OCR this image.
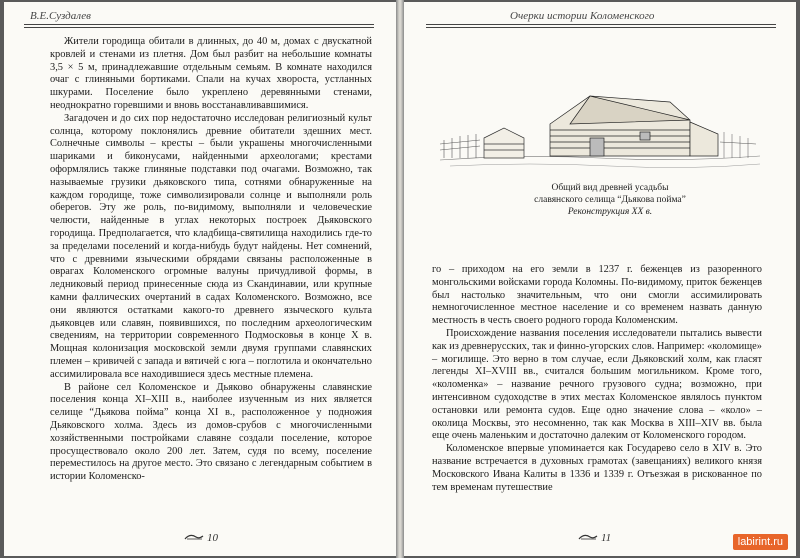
В.Е.Суздалев

Жители городища обитали в длинных, до 40 м, домах с двускатной кровлей и стенами из плетня. Дом был разбит на небольшие комнаты 3,5 × 5 м, принадлежавшие отдельным семьям. В комнате находился очаг с глиняными бортиками. Спали на кучах хвороста, устланных шкурами. Поселение было укреплено деревянными стенами, неоднократно горевшими и вновь восстанавливавшимися.

Загадочен и до сих пор недостаточно исследован религиозный культ солнца, которому поклонялись древние обитатели здешних мест. Солнечные символы – кресты – были украшены многочисленными шариками и биконусами, найденными археологами; крестами оформлялись также глиняные подставки под очагами. Возможно, так называемые грузики дьяковского типа, сотнями обнаруженные на каждом городище, тоже символизировали солнце и выполняли роль оберегов. Эту же роль, по-видимому, выполняли и человеческие челюсти, найденные в углах некоторых построек Дьяковского городища. Предполагается, что кладбища-святилища находились где-то за пределами поселений и когда-нибудь будут найдены. Нет сомнений, что с древними языческими обрядами связаны расположенные в оврагах Коломенского огромные валуны причудливой формы, в ледниковый период принесенные сюда из Скандинавии, или крупные камни фаллических очертаний в садах Коломенского. Возможно, все они являются остатками какого-то древнего языческого культа дьяковцев или славян, появившихся, по последним археологическим сведениям, на территории современного Подмосковья в конце X в. Мощная колонизация московской земли двумя группами славянских племен – кривичей с запада и вятичей с юга – поглотила и окончательно ассимилировала все находившиеся здесь местные племена.

В районе сел Коломенское и Дьяково обнаружены славянские поселения конца XI–XIII в., наиболее изученным из них является селище “Дьякова пойма” конца XI в., расположенное у подножия Дьяковского холма. Здесь из домов-срубов с многочисленными хозяйственными постройками славяне создали поселение, которое просуществовало около 200 лет. Затем, судя по всему, поселение переместилось на другое место. Это связано с легендарным событием в истории Коломенско-

10
Очерки истории Коломенского
Общий вид древней усадьбы
славянского селища “Дьякова пойма”
Реконструкция XX в.

го – приходом на его земли в 1237 г. беженцев из разоренного монгольскими войсками города Коломны. По-видимому, приток беженцев был настолько значительным, что они смогли ассимилировать немногочисленное местное население и со временем назвать данную местность в честь своего родного города Коломенским.

Происхождение названия поселения исследователи пытались вывести как из древнерусских, так и финно-угорских слов. Например: «коломище» – могилище. Это верно в том случае, если Дьяковский холм, как гласят легенды XI–XVIII вв., считался большим могильником. Кроме того, «коломенка» – название речного грузового судна; возможно, при интенсивном судоходстве в этих местах Коломенское являлось пунктом остановки или ремонта судов. Еще одно значение слова – «коло» – околица Москвы, это несомненно, так как Москва в XIII–XIV вв. была еще очень маленьким и достаточно далеким от Коломенского городом.

Коломенское впервые упоминается как Государево село в XIV в. Это название встречается в духовных грамотах (завещаниях) великого князя Московского Ивана Калиты в 1336 и 1339 г. Отъезжая в рискованное по тем временам путешествие

11	labirint.ru
